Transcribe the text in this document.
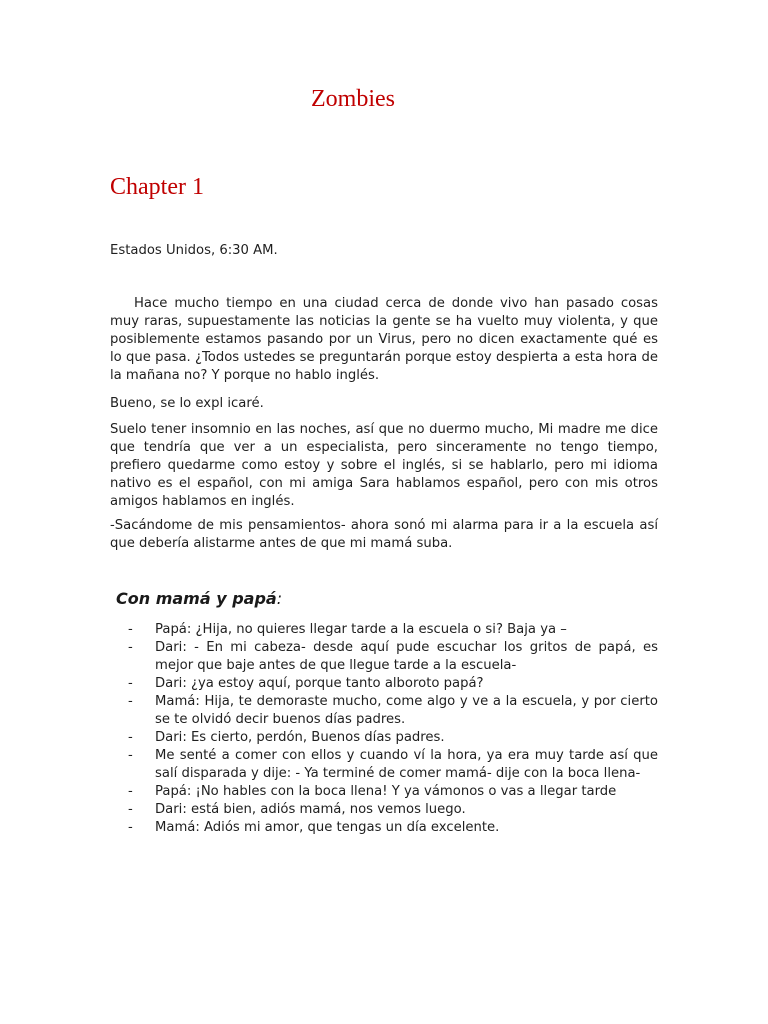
Zombies
Chapter 1
Estados Unidos, 6:30 AM.
Hace mucho tiempo en una ciudad cerca de donde vivo han pasado cosas muy raras, supuestamente las noticias la gente se ha vuelto muy violenta, y que posiblemente estamos pasando por un Virus, pero no dicen exactamente qué es lo que pasa. ¿Todos ustedes se preguntarán porque estoy despierta a esta hora de la mañana no? Y porque no hablo inglés.
Bueno, se lo expl icaré.
Suelo tener insomnio en las noches, así que no duermo mucho, Mi madre me dice que tendría que ver a un especialista, pero sinceramente no tengo tiempo, prefiero quedarme como estoy y sobre el inglés, si se hablarlo, pero mi idioma nativo es el español, con mi amiga Sara hablamos español, pero con mis otros amigos hablamos en inglés.
-Sacándome de mis pensamientos- ahora sonó mi alarma para ir a la escuela así que debería alistarme antes de que mi mamá suba.
Con mamá y papá:
- Papá: ¿Hija, no quieres llegar tarde a la escuela o si? Baja ya –
- Dari: - En mi cabeza- desde aquí pude escuchar los gritos de papá, es mejor que baje antes de que llegue tarde a la escuela-
- Dari: ¿ya estoy aquí, porque tanto alboroto papá?
- Mamá: Hija, te demoraste mucho, come algo y ve a la escuela, y por cierto se te olvidó decir buenos días padres.
- Dari: Es cierto, perdón, Buenos días padres.
- Me senté a comer con ellos y cuando ví la hora, ya era muy tarde así que salí disparada y dije: - Ya terminé de comer mamá- dije con la boca llena-
- Papá: ¡No hables con la boca llena! Y ya vámonos o vas a llegar tarde
- Dari: está bien, adiós mamá, nos vemos luego.
- Mamá: Adiós mi amor, que tengas un día excelente.
